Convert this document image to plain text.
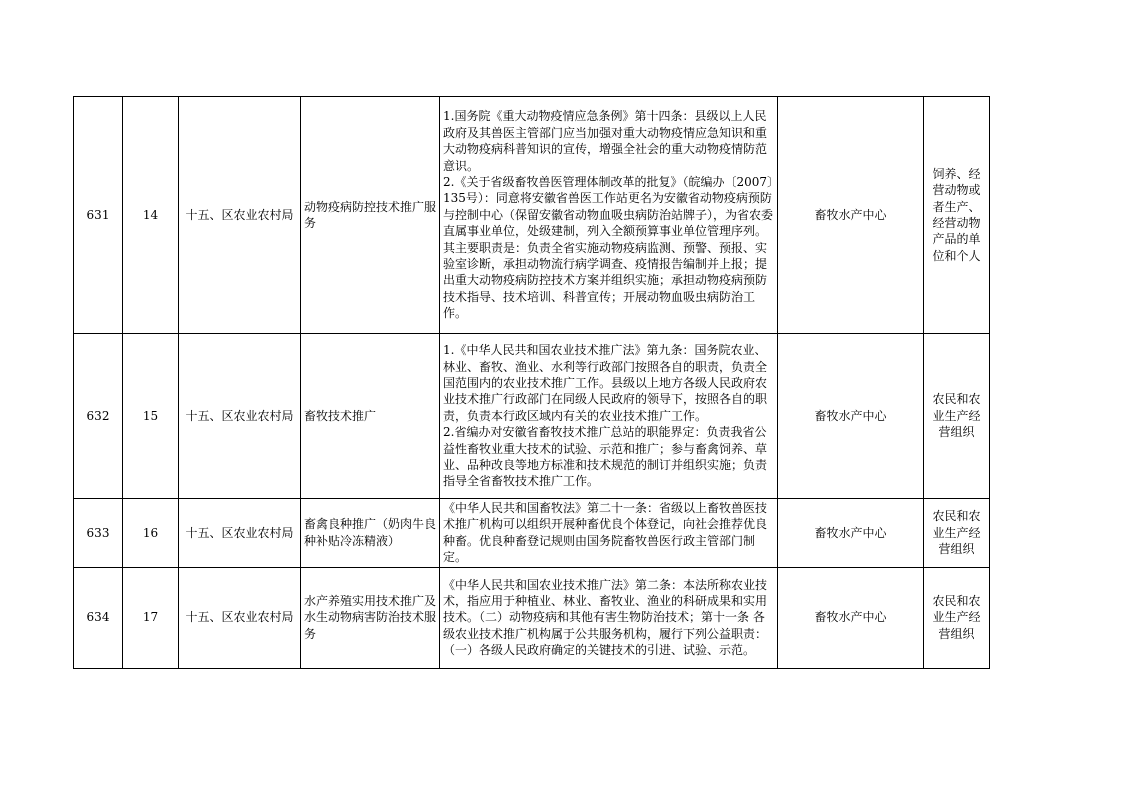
631	14	十五、区农业农村局	动物疫病防控技术推广服务	1.国务院《重大动物疫情应急条例》第十四条：县级以上人民政府及其兽医主管部门应当加强对重大动物疫情应急知识和重大动物疫病科普知识的宣传，增强全社会的重大动物疫情防范意识。
2.《关于省级畜牧兽医管理体制改革的批复》（皖编办〔2007〕135号）：同意将安徽省兽医工作站更名为安徽省动物疫病预防与控制中心（保留安徽省动物血吸虫病防治站牌子），为省农委直属事业单位，处级建制，列入全额预算事业单位管理序列。其主要职责是：负责全省实施动物疫病监测、预警、预报、实验室诊断，承担动物流行病学调查、疫情报告编制并上报；提出重大动物疫病防控技术方案并组织实施；承担动物疫病预防技术指导、技术培训、科普宣传；开展动物血吸虫病防治工作。	畜牧水产中心	饲养、经营动物或者生产、经营动物产品的单位和个人
632	15	十五、区农业农村局	畜牧技术推广	1.《中华人民共和国农业技术推广法》第九条：国务院农业、林业、畜牧、渔业、水利等行政部门按照各自的职责，负责全国范围内的农业技术推广工作。县级以上地方各级人民政府农业技术推广行政部门在同级人民政府的领导下，按照各自的职责，负责本行政区域内有关的农业技术推广工作。
2.省编办对安徽省畜牧技术推广总站的职能界定：负责我省公益性畜牧业重大技术的试验、示范和推广；参与畜禽饲养、草业、品种改良等地方标准和技术规范的制订并组织实施；负责指导全省畜牧技术推广工作。	畜牧水产中心	农民和农业生产经营组织
633	16	十五、区农业农村局	畜禽良种推广（奶肉牛良种补贴冷冻精液）	《中华人民共和国畜牧法》第二十一条：省级以上畜牧兽医技术推广机构可以组织开展种畜优良个体登记，向社会推荐优良种畜。优良种畜登记规则由国务院畜牧兽医行政主管部门制定。	畜牧水产中心	农民和农业生产经营组织
634	17	十五、区农业农村局	水产养殖实用技术推广及水生动物病害防治技术服务	《中华人民共和国农业技术推广法》第二条：本法所称农业技术，指应用于种植业、林业、畜牧业、渔业的科研成果和实用技术。（二）动物疫病和其他有害生物防治技术；第十一条 各级农业技术推广机构属于公共服务机构，履行下列公益职责：（一）各级人民政府确定的关键技术的引进、试验、示范。	畜牧水产中心	农民和农业生产经营组织
